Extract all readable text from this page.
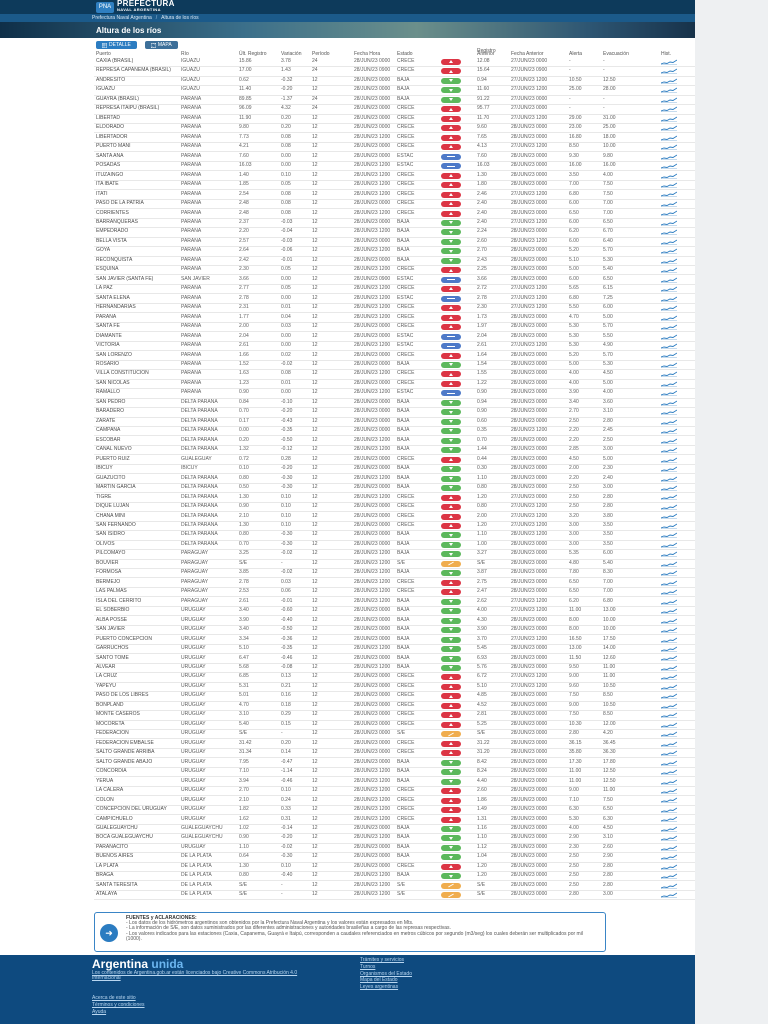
PNA PREFECTURA
NAVAL ARGENTINA
Prefectura Naval Argentina / Altura de los ríos
Altura de los ríos
DETALLE	MAPA
Puerto	Río	Últ. Registro	Variación	Período	Fecha Hora	Estado		Registro Anterior	Fecha Anterior	Alerta	Evacuación	Hist.
CAXIA (BRASIL)	IGUAZU	15.86	3.78	24	28/JUN/23 0000	CRECE		12.08	27/JUN/23 0000	-	-	

REPRESA CAPANEMA (BRASIL)	IGUAZU	17.00	1.43	24	28/JUN/23 0900	CRECE		15.64	27/JUN/23 0900	-	-	

ANDRESITO	IGUAZU	0.62	-0.32	12	28/JUN/23 0000	BAJA		0.94	27/JUN/23 1200	10.50	12.50	

IGUAZU	IGUAZU	11.40	-0.20	12	28/JUN/23 0000	BAJA		11.60	27/JUN/23 1200	25.00	28.00	

GUAYRA (BRASIL)	PARANA	89.85	-1.37	24	28/JUN/23 0000	BAJA		91.22	27/JUN/23 0000	-	-	

REPRESA ITAIPU (BRASIL)	PARANA	96.09	4.32	24	28/JUN/23 0000	CRECE		95.77	27/JUN/23 0000	-	-	

LIBERTAD	PARANA	11.90	0.20	12	28/JUN/23 0000	CRECE		11.70	27/JUN/23 1200	29.00	31.00	

ELDORADO	PARANA	9.80	0.20	12	28/JUN/23 0000	CRECE		9.60	28/JUN/23 0000	23.00	25.00	

LIBERTADOR	PARANA	7.73	0.08	12	28/JUN/23 1200	CRECE		7.65	28/JUN/23 0000	16.80	18.00	

PUERTO MANI	PARANA	4.21	0.08	12	28/JUN/23 0000	CRECE		4.13	27/JUN/23 1200	8.50	10.00	

SANTA ANA	PARANA	7.60	0.00	12	28/JUN/23 0000	ESTAC		7.60	28/JUN/23 0000	9.30	9.80	

POSADAS	PARANA	16.03	0.00	12	28/JUN/23 1200	ESTAC		16.03	28/JUN/23 0000	16.00	16.00	

ITUZAINGO	PARANA	1.40	0.10	12	28/JUN/23 1200	CRECE		1.30	28/JUN/23 0000	3.50	4.00	

ITA IBATE	PARANA	1.85	0.05	12	28/JUN/23 1200	CRECE		1.80	28/JUN/23 0000	7.00	7.50	

ITATI	PARANA	2.54	0.08	12	28/JUN/23 1200	CRECE		2.46	27/JUN/23 1200	6.80	7.50	

PASO DE LA PATRIA	PARANA	2.48	0.08	12	28/JUN/23 0000	CRECE		2.40	28/JUN/23 0000	6.00	7.00	

CORRIENTES	PARANA	2.48	0.08	12	28/JUN/23 1200	CRECE		2.40	28/JUN/23 0000	6.50	7.00	

BARRANQUERAS	PARANA	2.37	-0.03	12	28/JUN/23 0000	BAJA		2.40	27/JUN/23 1200	6.00	6.50	

EMPEDRADO	PARANA	2.20	-0.04	12	28/JUN/23 1200	BAJA		2.24	28/JUN/23 0000	6.20	6.70	

BELLA VISTA	PARANA	2.57	-0.03	12	28/JUN/23 0000	BAJA		2.60	28/JUN/23 1200	6.00	6.40	

GOYA	PARANA	2.64	-0.06	12	28/JUN/23 1200	BAJA		2.70	28/JUN/23 0000	5.20	5.70	

RECONQUISTA	PARANA	2.42	-0.01	12	28/JUN/23 0000	BAJA		2.43	28/JUN/23 0000	5.10	5.30	

ESQUINA	PARANA	2.30	0.05	12	28/JUN/23 1200	CRECE		2.25	28/JUN/23 0000	5.00	5.40	

SAN JAVIER (SANTA FE)	SAN JAVIER	3.66	0.00	12	28/JUN/23 0900	ESTAC		3.66	28/JUN/23 0000	6.00	6.50	

LA PAZ	PARANA	2.77	0.05	12	28/JUN/23 1200	CRECE		2.72	27/JUN/23 1200	5.65	6.15	

SANTA ELENA	PARANA	2.78	0.00	12	28/JUN/23 1200	ESTAC		2.78	27/JUN/23 1200	6.80	7.25	

HERNANDARIAS	PARANA	2.31	0.01	12	28/JUN/23 1200	CRECE		2.30	27/JUN/23 1200	5.50	6.00	

PARANA	PARANA	1.77	0.04	12	28/JUN/23 1200	CRECE		1.73	28/JUN/23 0000	4.70	5.00	

SANTA FE	PARANA	2.00	0.03	12	28/JUN/23 0000	CRECE		1.97	28/JUN/23 0000	5.30	5.70	

DIAMANTE	PARANA	2.04	0.00	12	28/JUN/23 0000	ESTAC		2.04	28/JUN/23 0000	5.30	5.50	

VICTORIA	PARANA	2.61	0.00	12	28/JUN/23 1200	ESTAC		2.61	27/JUN/23 1200	5.30	4.90	

SAN LORENZO	PARANA	1.66	0.02	12	28/JUN/23 0000	CRECE		1.64	28/JUN/23 0000	5.20	5.70	

ROSARIO	PARANA	1.52	-0.02	12	28/JUN/23 0000	BAJA		1.54	28/JUN/23 0000	5.00	5.30	

VILLA CONSTITUCION	PARANA	1.63	0.08	12	28/JUN/23 1200	CRECE		1.55	28/JUN/23 0000	4.00	4.50	

SAN NICOLAS	PARANA	1.23	0.01	12	28/JUN/23 0000	CRECE		1.22	28/JUN/23 0000	4.00	5.00	

RAMALLO	PARANA	0.90	0.00	12	28/JUN/23 1200	ESTAC		0.90	28/JUN/23 0000	3.90	4.00	

SAN PEDRO	DELTA PARANA	0.84	-0.10	12	28/JUN/23 0000	BAJA		0.94	28/JUN/23 0000	3.40	3.60	

BARADERO	DELTA PARANA	0.70	-0.20	12	28/JUN/23 0000	BAJA		0.90	28/JUN/23 0000	2.70	3.10	

ZARATE	DELTA PARANA	0.17	-0.43	12	28/JUN/23 0000	BAJA		0.60	28/JUN/23 0000	2.50	2.80	

CAMPANA	DELTA PARANA	0.00	-0.35	12	28/JUN/23 0000	BAJA		0.35	28/JUN/23 1200	2.20	2.45	

ESCOBAR	DELTA PARANA	0.20	-0.50	12	28/JUN/23 1200	BAJA		0.70	28/JUN/23 0000	2.20	2.50	

CANAL NUEVO	DELTA PARANA	1.32	-0.12	12	28/JUN/23 1200	BAJA		1.44	28/JUN/23 0000	2.85	3.00	

PUERTO RUIZ	GUALEGUAY	0.72	0.28	12	28/JUN/23 0000	CRECE		0.44	28/JUN/23 0000	4.50	5.00	

IBICUY	IBICUY	0.10	-0.20	12	28/JUN/23 0000	BAJA		0.30	28/JUN/23 0000	2.00	2.30	

GUAZUCITO	DELTA PARANA	0.80	-0.30	12	28/JUN/23 1200	BAJA		1.10	28/JUN/23 0000	2.20	2.40	

MARTIN GARCIA	DELTA PARANA	0.50	-0.30	12	28/JUN/23 0000	BAJA		0.80	28/JUN/23 0000	2.50	3.00	

TIGRE	DELTA PARANA	1.30	0.10	12	28/JUN/23 1200	CRECE		1.20	27/JUN/23 0000	2.50	2.80	

DIQUE LUJAN	DELTA PARANA	0.90	0.10	12	28/JUN/23 0000	CRECE		0.80	27/JUN/23 1200	2.50	2.80	

CHANA MINI	DELTA PARANA	2.10	0.10	12	28/JUN/23 0000	CRECE		2.00	27/JUN/23 1200	3.20	3.80	

SAN FERNANDO	DELTA PARANA	1.30	0.10	12	28/JUN/23 0000	CRECE		1.20	27/JUN/23 1200	3.00	3.50	

SAN ISIDRO	DELTA PARANA	0.80	-0.30	12	28/JUN/23 0000	BAJA		1.10	28/JUN/23 1200	3.00	3.50	

OLIVOS	DELTA PARANA	0.70	-0.30	12	28/JUN/23 0000	BAJA		1.00	28/JUN/23 0000	3.00	3.50	

PILCOMAYO	PARAGUAY	3.25	-0.02	12	28/JUN/23 1200	BAJA		3.27	28/JUN/23 0000	5.35	6.00	

BOUVIER	PARAGUAY	S/E	-	12	28/JUN/23 1200	S/E		S/E	28/JUN/23 0000	4.80	5.40	

FORMOSA	PARAGUAY	3.85	-0.02	12	28/JUN/23 1200	BAJA		3.87	28/JUN/23 0000	7.80	8.30	

BERMEJO	PARAGUAY	2.78	0.03	12	28/JUN/23 1200	CRECE		2.75	28/JUN/23 0000	6.50	7.00	

LAS PALMAS	PARAGUAY	2.53	0.06	12	28/JUN/23 1200	CRECE		2.47	28/JUN/23 0000	6.50	7.00	

ISLA DEL CERRITO	PARAGUAY	2.61	-0.01	12	28/JUN/23 1200	BAJA		2.62	27/JUN/23 1200	6.20	6.80	

EL SOBERBIO	URUGUAY	3.40	-0.60	12	28/JUN/23 0000	BAJA		4.00	27/JUN/23 1200	11.00	13.00	

ALBA POSSE	URUGUAY	3.90	-0.40	12	28/JUN/23 0000	BAJA		4.30	28/JUN/23 0000	8.00	10.00	

SAN JAVIER	URUGUAY	3.40	-0.50	12	28/JUN/23 0000	BAJA		3.90	28/JUN/23 0000	8.00	10.00	

PUERTO CONCEPCION	URUGUAY	3.34	-0.36	12	28/JUN/23 0000	BAJA		3.70	27/JUN/23 1200	16.50	17.50	

GARRUCHOS	URUGUAY	5.10	-0.35	12	28/JUN/23 1200	BAJA		5.45	28/JUN/23 0000	13.00	14.00	

SANTO TOME	URUGUAY	6.47	-0.46	12	28/JUN/23 0000	BAJA		6.93	28/JUN/23 0000	11.50	12.60	

ALVEAR	URUGUAY	5.68	-0.08	12	28/JUN/23 1200	BAJA		5.76	28/JUN/23 0000	9.50	11.00	

LA CRUZ	URUGUAY	6.85	0.13	12	28/JUN/23 0000	CRECE		6.72	27/JUN/23 1200	9.00	11.00	

YAPEYU	URUGUAY	5.31	0.21	12	28/JUN/23 0000	CRECE		5.10	27/JUN/23 1200	9.60	10.50	

PASO DE LOS LIBRES	URUGUAY	5.01	0.16	12	28/JUN/23 0000	CRECE		4.85	28/JUN/23 0000	7.50	8.50	

BONPLAND	URUGUAY	4.70	0.18	12	28/JUN/23 0000	CRECE		4.52	28/JUN/23 0000	9.00	10.50	

MONTE CASEROS	URUGUAY	3.10	0.29	12	28/JUN/23 0000	CRECE		2.81	28/JUN/23 0000	7.50	8.50	

MOCORETA	URUGUAY	5.40	0.15	12	28/JUN/23 0000	CRECE		5.25	28/JUN/23 0000	10.30	12.00	

FEDERACION	URUGUAY	S/E	-	12	28/JUN/23 0000	S/E		S/E	28/JUN/23 0000	2.80	4.20	

FEDERACION EMBALSE	URUGUAY	31.42	0.20	12	28/JUN/23 0000	CRECE		31.22	28/JUN/23 0000	36.15	36.45	

SALTO GRANDE ARRIBA	URUGUAY	31.34	0.14	12	28/JUN/23 0000	CRECE		31.20	28/JUN/23 0000	35.80	36.30	

SALTO GRANDE ABAJO	URUGUAY	7.95	-0.47	12	28/JUN/23 0000	BAJA		8.42	28/JUN/23 0000	17.30	17.80	

CONCORDIA	URUGUAY	7.10	-1.14	12	28/JUN/23 1200	BAJA		8.24	28/JUN/23 0000	11.00	12.50	

YERUA	URUGUAY	3.94	-0.46	12	28/JUN/23 1200	BAJA		4.40	28/JUN/23 0000	11.00	12.50	

LA CALERA	URUGUAY	2.70	0.10	12	28/JUN/23 1200	CRECE		2.60	28/JUN/23 0000	9.00	11.00	

COLON	URUGUAY	2.10	0.24	12	28/JUN/23 1200	CRECE		1.86	28/JUN/23 0000	7.10	7.50	

CONCEPCION DEL URUGUAY	URUGUAY	1.82	0.33	12	28/JUN/23 1200	CRECE		1.49	28/JUN/23 0000	6.30	6.50	

CAMPICHUELO	URUGUAY	1.62	0.31	12	28/JUN/23 1200	CRECE		1.31	28/JUN/23 0000	5.30	6.30	

GUALEGUAYCHU	GUALEGUAYCHU	1.02	-0.14	12	28/JUN/23 0000	BAJA		1.16	28/JUN/23 0000	4.00	4.50	

BOCA GUALEGUAYCHU	GUALEGUAYCHU	0.90	-0.20	12	28/JUN/23 1200	BAJA		1.10	28/JUN/23 0000	2.90	3.10	

PARANACITO	URUGUAY	1.10	-0.02	12	28/JUN/23 0000	BAJA		1.12	28/JUN/23 0000	2.30	2.60	

BUENOS AIRES	DE LA PLATA	0.64	-0.30	12	28/JUN/23 0000	BAJA		1.04	28/JUN/23 0000	2.50	2.90	

LA PLATA	DE LA PLATA	1.30	0.10	12	28/JUN/23 0000	CRECE		1.20	28/JUN/23 0000	2.50	2.80	

BRAGA	DE LA PLATA	0.80	-0.40	12	28/JUN/23 1200	BAJA		1.20	28/JUN/23 0000	2.50	2.80	

SANTA TERESITA	DE LA PLATA	S/E	-	12	28/JUN/23 1200	S/E		S/E	28/JUN/23 0000	2.50	2.80	

ATALAYA	DE LA PLATA	S/E	-	12	28/JUN/23 1200	S/E		S/E	28/JUN/23 0000	2.80	3.00	
➜
FUENTES y ACLARACIONES:
- Los datos de los hidrómetros argentinos son obtenidos por la Prefectura Naval Argentina y los valores están expresados en Mts.
- La información de S/E, son datos suministrados por las diferentes administraciones y autoridades brasileñas a cargo de las represas respectivas.
- Los valores indicados para las estaciones (Caxia, Capanema, Guayrá e Itaipú, corresponden a caudales referenciados en metros cúbicos por segundo (m3/seg) los cuales deberán ser multiplicados por mil (1000).
Argentina unida
Los contenidos de Argentina.gob.ar están licenciados bajo Creative Commons Atribución 4.0 Internacional
Acerca de este sitio
Términos y condiciones
Ayuda
Trámites y servicios
Turnos
Organismos del Estado
Mapa del Estado
Leyes argentinas
